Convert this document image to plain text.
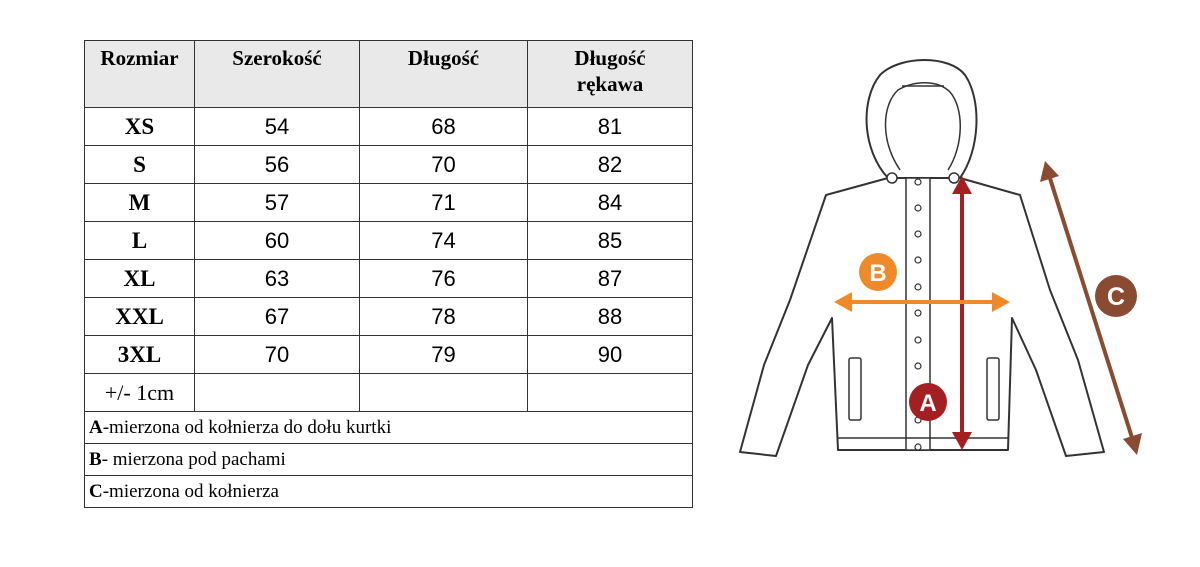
Rozmiar	Szerokość	Długość	Długość rękawa

XS	54	68	81
S	56	70	82
M	57	71	84
L	60	74	85
XL	63	76	87
XXL	67	78	88
3XL	70	79	90
+/- 1cm			
A-mierzona od kołnierza do dołu kurtki			
B- mierzona pod pachami			
C-mierzona od kołnierza			
A
B
C
